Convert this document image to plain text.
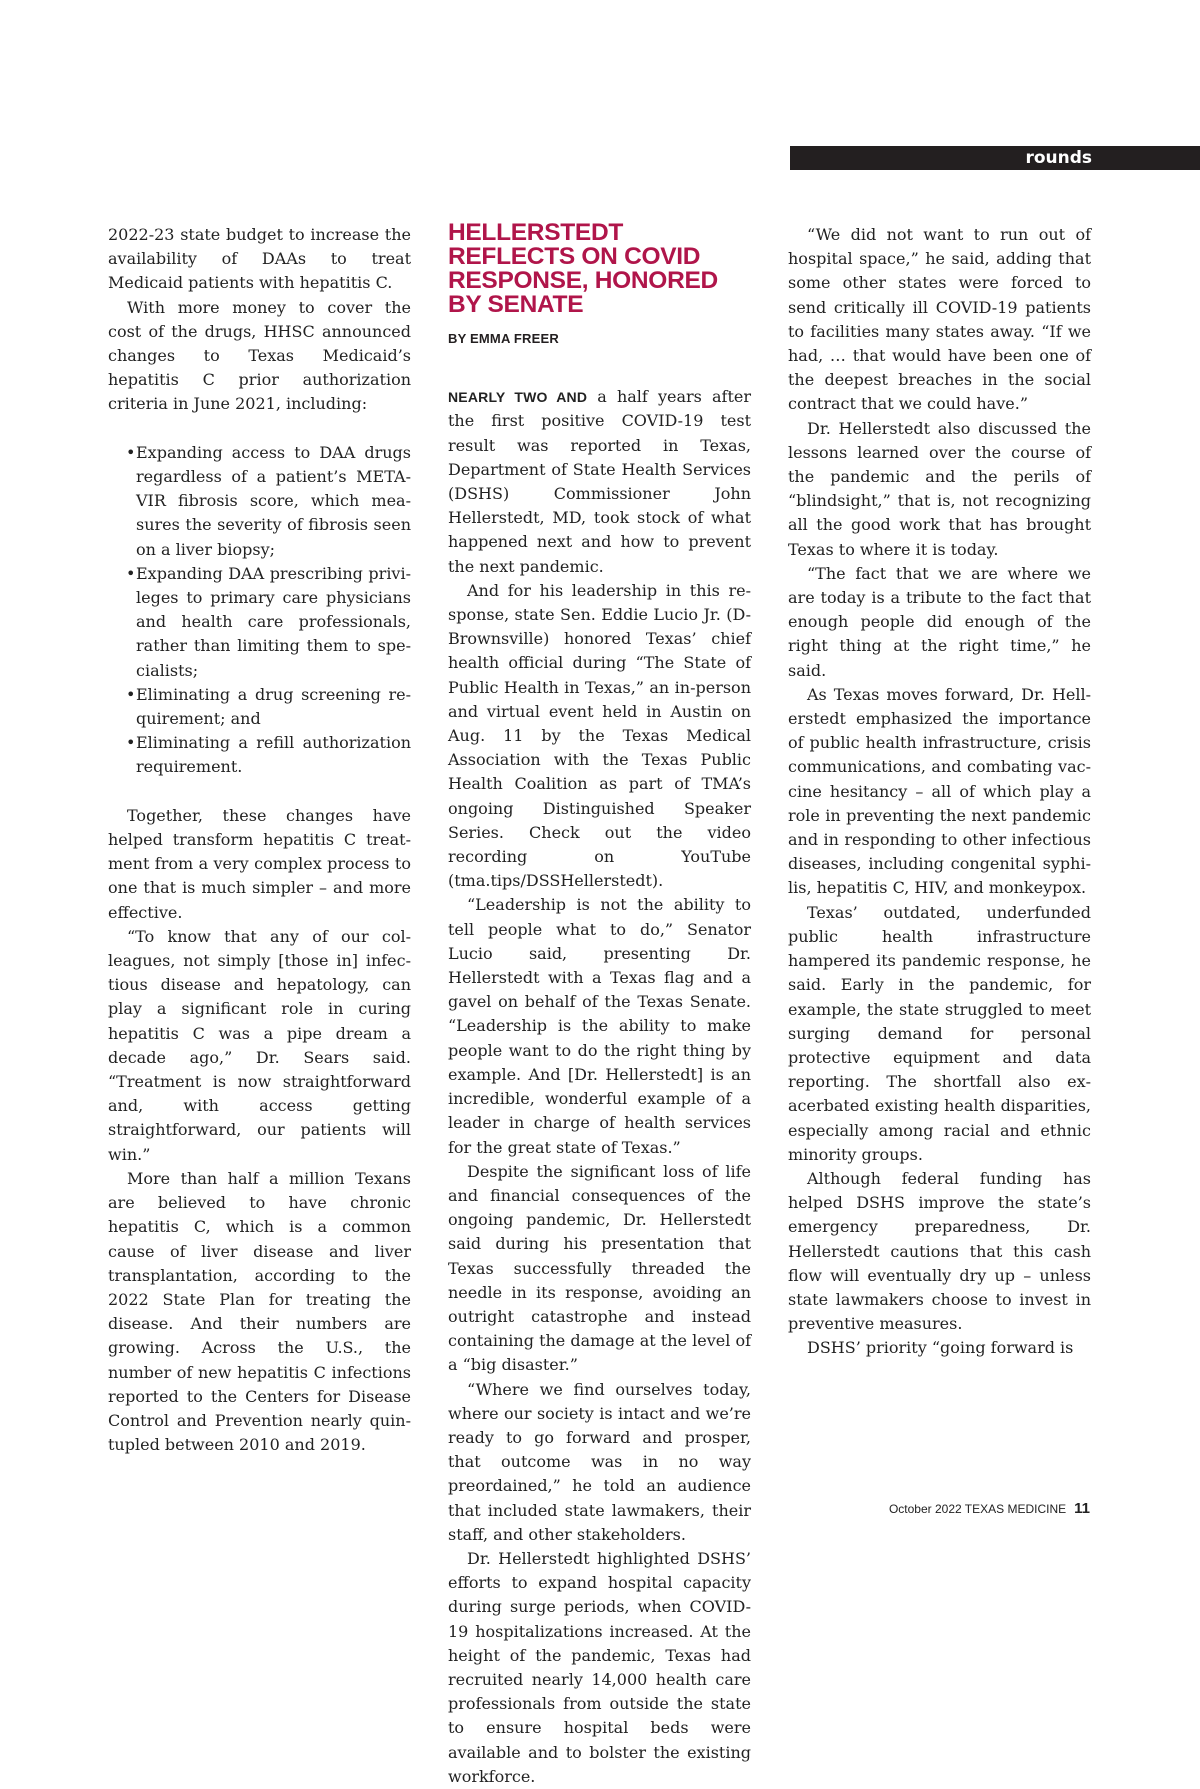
rounds

2022-23 state budget to increase the availability of DAAs to treat Medicaid patients with hepatitis C.

With more money to cover the cost of the drugs, HHSC announced changes to Texas Medicaid’s hepatitis C prior authorization criteria in June 2021, including:

• Expanding access to DAA drugs regardless of a patient’s METAVIR fibrosis score, which measures the severity of fibrosis seen on a liver biopsy;
• Expanding DAA prescribing privileges to primary care physicians and health care professionals, rather than limiting them to specialists;
• Eliminating a drug screening requirement; and
• Eliminating a refill authorization requirement.

Together, these changes have helped transform hepatitis C treatment from a very complex process to one that is much simpler – and more effective.

“To know that any of our colleagues, not simply [those in] infectious disease and hepatology, can play a significant role in curing hepatitis C was a pipe dream a decade ago,” Dr. Sears said. “Treatment is now straightforward and, with access getting straightforward, our patients will win.”

More than half a million Texans are believed to have chronic hepatitis C, which is a common cause of liver disease and liver transplantation, according to the 2022 State Plan for treating the disease. And their numbers are growing. Across the U.S., the number of new hepatitis C infections reported to the Centers for Disease Control and Prevention nearly quintupled between 2010 and 2019.

HELLERSTEDT REFLECTS ON COVID RESPONSE, HONORED BY SENATE
BY EMMA FREER

NEARLY TWO AND a half years after the first positive COVID-19 test result was reported in Texas, Department of State Health Services (DSHS) Commissioner John Hellerstedt, MD, took stock of what happened next and how to prevent the next pandemic.

And for his leadership in this response, state Sen. Eddie Lucio Jr. (D-Brownsville) honored Texas’ chief health official during “The State of Public Health in Texas,” an in-person and virtual event held in Austin on Aug. 11 by the Texas Medical Association with the Texas Public Health Coalition as part of TMA’s ongoing Distinguished Speaker Series. Check out the video recording on YouTube (tma.tips/DSSHellerstedt).

“Leadership is not the ability to tell people what to do,” Senator Lucio said, presenting Dr. Hellerstedt with a Texas flag and a gavel on behalf of the Texas Senate. “Leadership is the ability to make people want to do the right thing by example. And [Dr. Hellerstedt] is an incredible, wonderful example of a leader in charge of health services for the great state of Texas.”

Despite the significant loss of life and financial consequences of the ongoing pandemic, Dr. Hellerstedt said during his presentation that Texas successfully threaded the needle in its response, avoiding an outright catastrophe and instead containing the damage at the level of a “big disaster.”

“Where we find ourselves today, where our society is intact and we’re ready to go forward and prosper, that outcome was in no way preordained,” he told an audience that included state lawmakers, their staff, and other stakeholders.

Dr. Hellerstedt highlighted DSHS’ efforts to expand hospital capacity during surge periods, when COVID-19 hospitalizations increased. At the height of the pandemic, Texas had recruited nearly 14,000 health care professionals from outside the state to ensure hospital beds were available and to bolster the existing workforce.

“We did not want to run out of hospital space,” he said, adding that some other states were forced to send critically ill COVID-19 patients to facilities many states away. “If we had, … that would have been one of the deepest breaches in the social contract that we could have.”

Dr. Hellerstedt also discussed the lessons learned over the course of the pandemic and the perils of “blindsight,” that is, not recognizing all the good work that has brought Texas to where it is today.

“The fact that we are where we are today is a tribute to the fact that enough people did enough of the right thing at the right time,” he said.

As Texas moves forward, Dr. Hellerstedt emphasized the importance of public health infrastructure, crisis communications, and combating vaccine hesitancy – all of which play a role in preventing the next pandemic and in responding to other infectious diseases, including congenital syphilis, hepatitis C, HIV, and monkeypox.

Texas’ outdated, underfunded public health infrastructure hampered its pandemic response, he said. Early in the pandemic, for example, the state struggled to meet surging demand for personal protective equipment and data reporting. The shortfall also exacerbated existing health disparities, especially among racial and ethnic minority groups.

Although federal funding has helped DSHS improve the state’s emergency preparedness, Dr. Hellerstedt cautions that this cash flow will eventually dry up – unless state lawmakers choose to invest in preventive measures.

DSHS’ priority “going forward is

October 2022 TEXAS MEDICINE 11
